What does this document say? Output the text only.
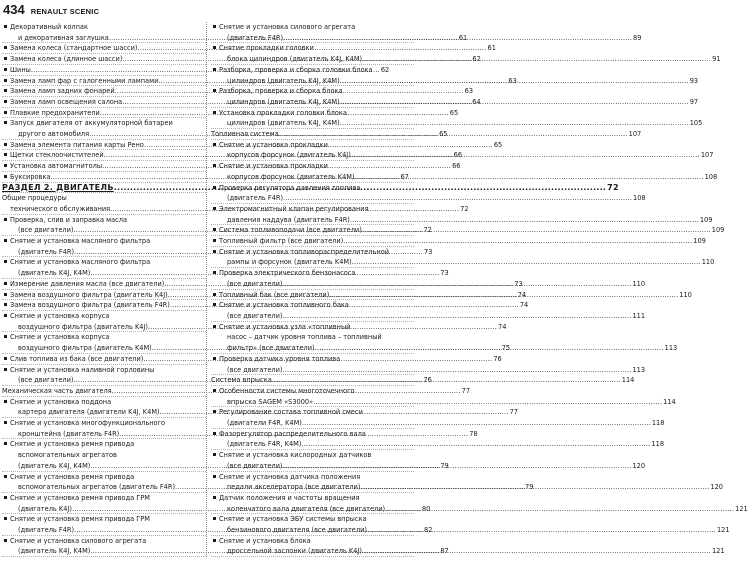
434 RENAULT SCENIC
Декоративный колпак
и декоративная заглушка .....	61
Замена колеса (стандартное шасси) .....	61
Замена колеса (длинное шасси) .....	62
Шины .....	62
Замена ламп фар с галогенными лампами .....	63
Замена ламп задних фонарей .....	63
Замена ламп освещения салона .....	64
Плавкие предохранители .....	65
Запуск двигателя от аккумуляторной батареи
другого автомобиля .....	65
Замена элемента питания карты Рено .....	65
Щетки стеклоочистителей .....	66
Установка автомагнитолы .....	66
Буксировка .....	67
РАЗДЕЛ 2. ДВИГАТЕЛЬ .....	72
Общие процедуры
технического обслуживания .....	72
Проверка, слив и заправка масла
(все двигатели) .....	72
Снятие и установка масляного фильтра
(двигатель F4R) .....	73
Снятие и установка масляного фильтра
(двигатель K4J, K4M) .....	73
Измерение давления масла (все двигатели) .....	73
Замена воздушного фильтра (двигатель K4J) .....	74
Замена воздушного фильтра (двигатель F4R) .....	74
Снятие и установка корпуса
воздушного фильтра (двигатель K4J) .....	74
Снятие и установка корпуса
воздушного фильтра (двигатель K4M) .....	75
Слив топлива из бака (все двигатели) .....	76
Снятие и установка наливной горловины
(все двигатели) .....	76
Механическая часть двигателя .....	77
Снятие и установка поддона
картера двигателя (двигатели K4J, K4M) .....	77
Снятие и установка многофункционального
кронштейна (двигатель F4R) .....	78
Снятие и установка ремня привода
вспомогательных агрегатов
(двигатель K4J, K4M) .....	79
Снятие и установка ремня привода
вспомогательных агрегатов (двигатель F4R) .....	79
Снятие и установка ремня привода ГРМ
(двигатель K4J) .....	80
Снятие и установка ремня привода ГРМ
(двигатель F4R) .....	82
Снятие и установка силового агрегата
(двигатель K4J, K4M) .....	87
Снятие и установка силового агрегата
(двигатель F4R) .....	89
Снятие прокладки головки
блока цилиндров (двигатель K4J, K4M) .....	91
Разборка, проверка и сборка головки блока
цилиндров (двигатель K4J, K4M) .....	93
Разборка, проверка и сборка блока
цилиндров (двигатель K4J, K4M) .....	97
Установка прокладки головки блока
цилиндров (двигатель K4J, K4M) .....	105
Топливная система .....	107
Снятие и установка прокладки
корпусов форсунок (двигатель K4J) .....	107
Снятие и установка прокладки
корпусов форсунок (двигатель K4M) .....	108
Проверка регулятора давления топлива
(двигатель F4R) .....	108
Электромагнитный клапан регулирования
давления наддува (двигатель F4R) .....	109
Система топливоподачи (все двигатели) .....	109
Топливный фильтр (все двигатели) .....	109
Снятие и установка топливораспределительной
рампы и форсунок (двигатель K4M) .....	110
Проверка электрического бензонасоса
(все двигатели) .....	110
Топливный бак (все двигатели) .....	110
Снятие и установка топливного бака
(все двигатели) .....	111
Снятие и установка узла «топливный
насос – датчик уровня топлива – топливный
фильтр» (все двигатели) .....	113
Проверка датчика уровня топлива
(все двигатели) .....	113
Система впрыска .....	114
Особенности системы многоточечного
впрыска SAGEM «S3000» .....	114
Регулирование состава топливной смеси
(двигатели F4R, K4M) .....	118
Фазорегулятор распределительного вала
(двигатель F4R, K4M) .....	118
Снятие и установка кислородных датчиков
(все двигатели) .....	120
Снятие и установка датчика положения
педали акселератора (все двигатели) .....	120
Датчик положения и частоты вращения
коленчатого вала двигателя (все двигатели) .....	121
Снятие и установка ЭБУ системы впрыска
бензинового двигателя (все двигатели) .....	121
Снятие и установка блока
дроссельной заслонки (двигатель K4J) .....	121
